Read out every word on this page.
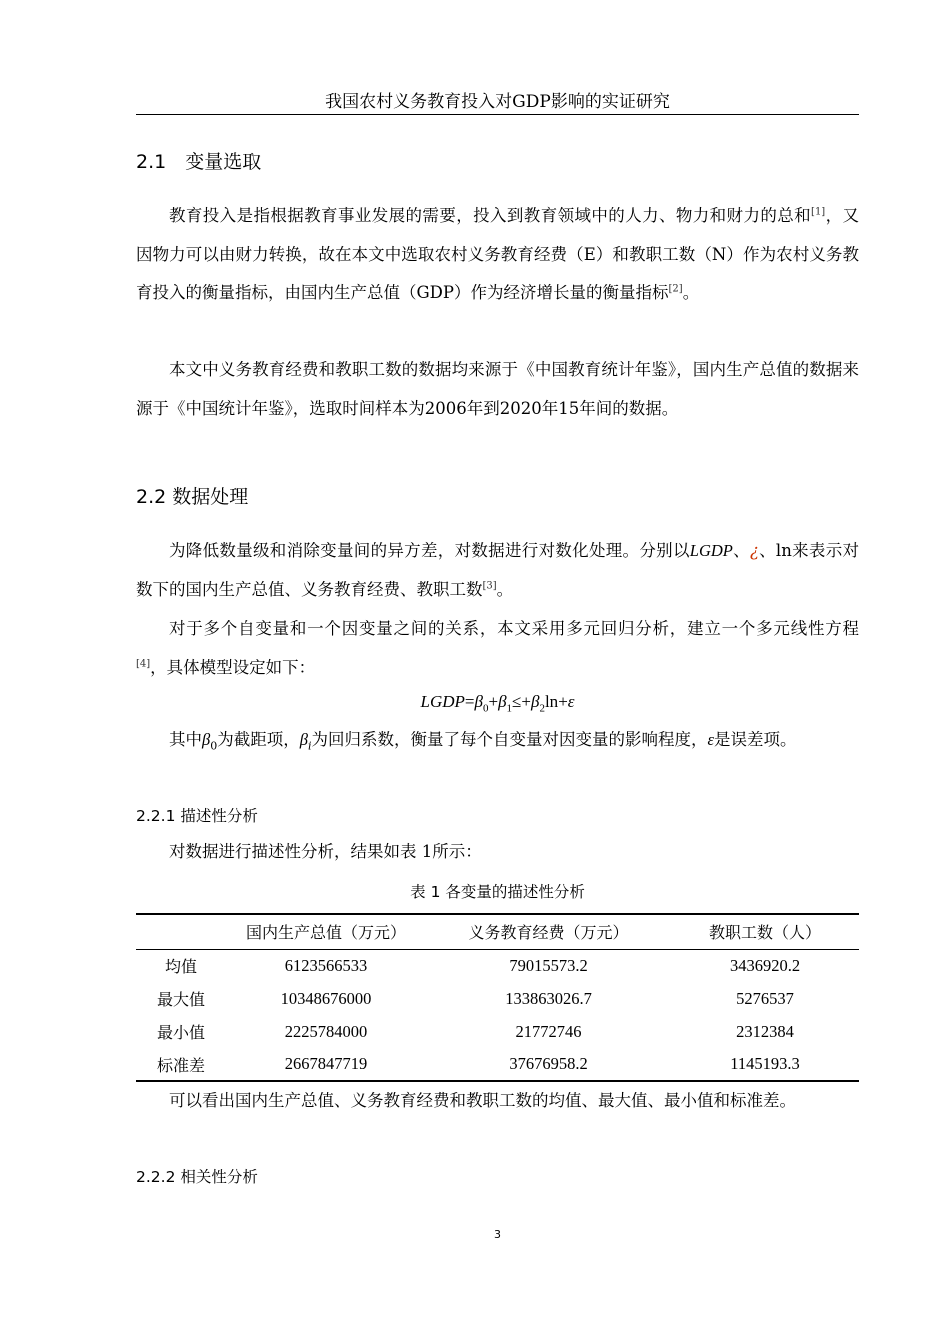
我国农村义务教育投入对GDP影响的实证研究
2.1　变量选取
教育投入是指根据教育事业发展的需要，投入到教育领域中的人力、物力和财力的总和[1]，又因物力可以由财力转换，故在本文中选取农村义务教育经费（E）和教职工数（N）作为农村义务教育投入的衡量指标，由国内生产总值（GDP）作为经济增长量的衡量指标[2]。
本文中义务教育经费和教职工数的数据均来源于《中国教育统计年鉴》，国内生产总值的数据来源于《中国统计年鉴》，选取时间样本为2006年到2020年15年间的数据。
2.2 数据处理
为降低数量级和消除变量间的异方差，对数据进行对数化处理。分别以LGDP、¿、ln来表示对数下的国内生产总值、义务教育经费、教职工数[3]。
对于多个自变量和一个因变量之间的关系，本文采用多元回归分析，建立一个多元线性方程[4]，具体模型设定如下：
$LGDP=\beta_0+\beta_1\le+\beta_2\ln+\varepsilon$
其中$\beta_0$为截距项，$\beta_i$为回归系数，衡量了每个自变量对因变量的影响程度，ε是误差项。
2.2.1 描述性分析
对数据进行描述性分析，结果如表 1所示：
表 1 各变量的描述性分析
	国内生产总值（万元）	义务教育经费（万元）	教职工数（人）
均值	6123566533	79015573.2	3436920.2
最大值	10348676000	133863026.7	5276537
最小值	2225784000	21772746	2312384
标准差	2667847719	37676958.2	1145193.3
可以看出国内生产总值、义务教育经费和教职工数的均值、最大值、最小值和标准差。
2.2.2 相关性分析
3
